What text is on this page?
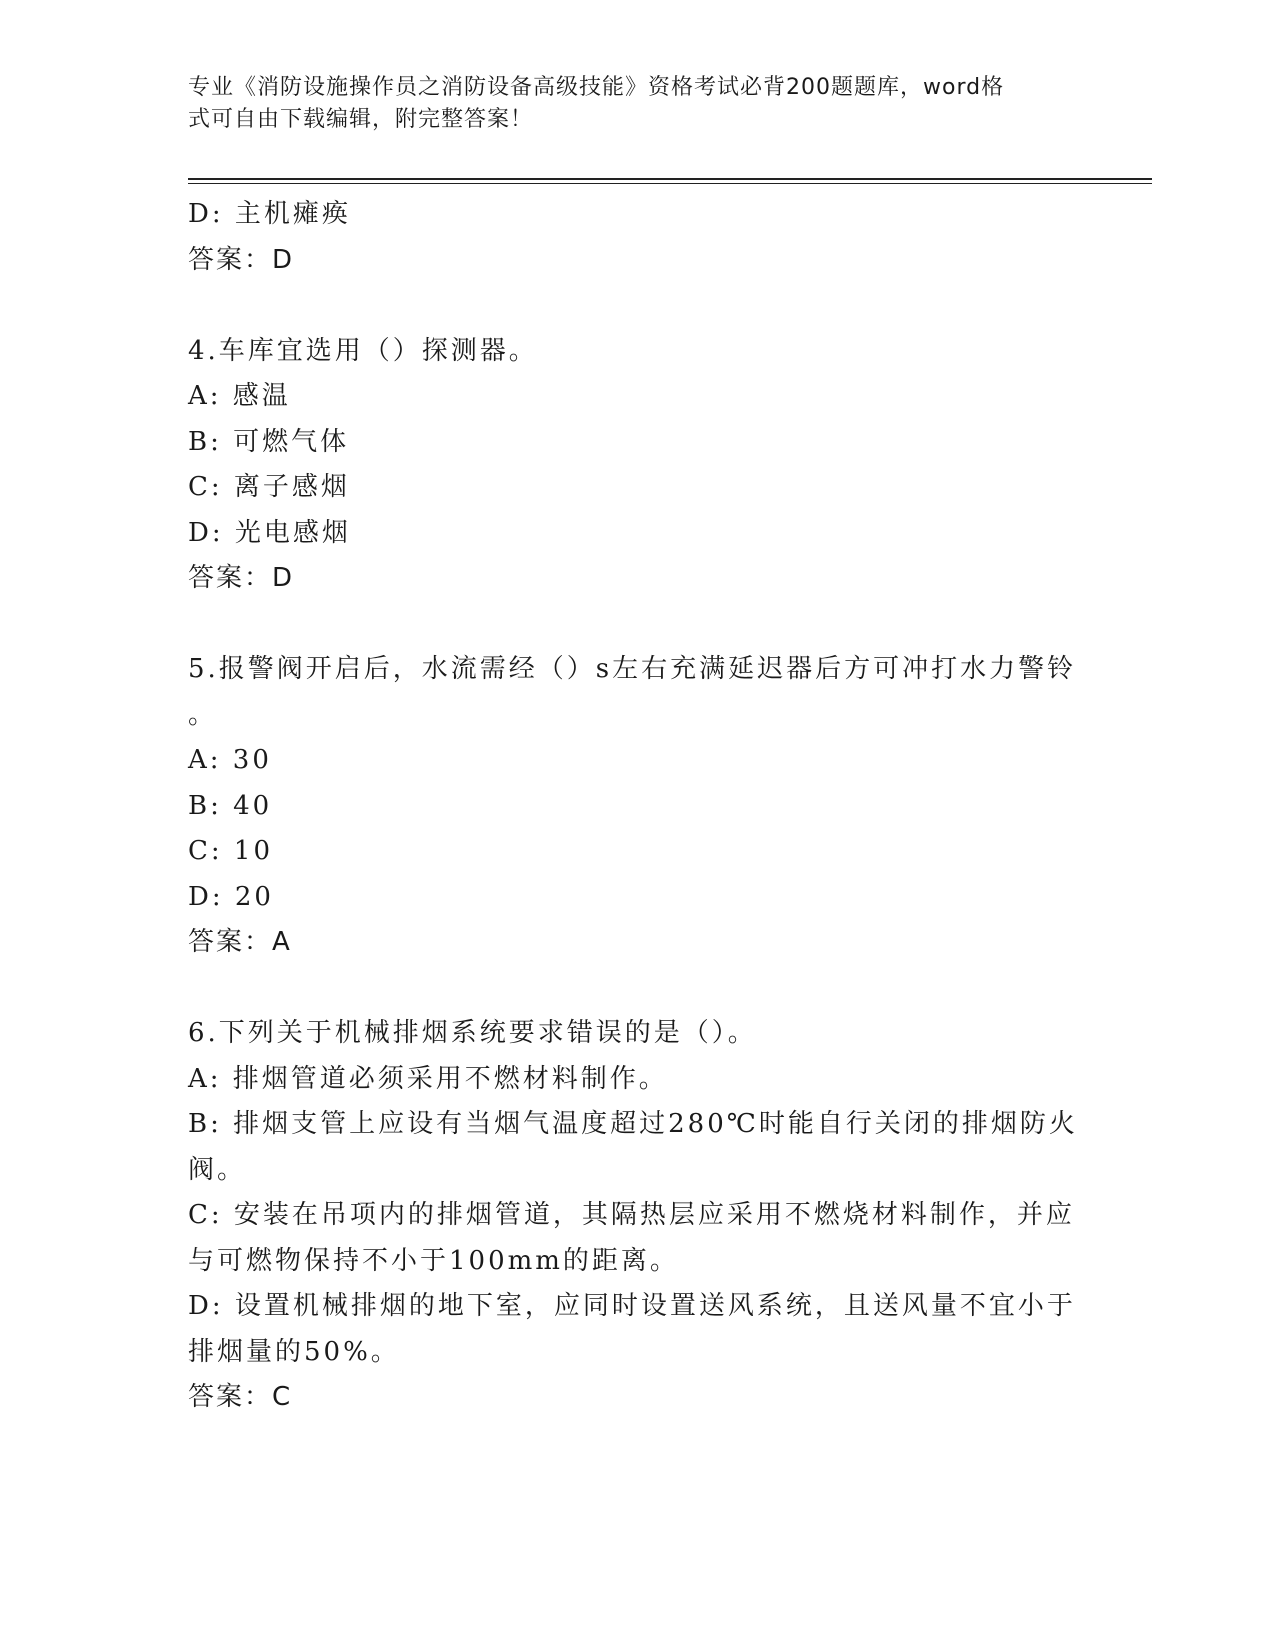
专业《消防设施操作员之消防设备高级技能》资格考试必背200题题库，word格
式可自由下载编辑，附完整答案！
D: 主机瘫痪
答案：D
4.车库宜选用（）探测器。
A: 感温
B: 可燃气体
C: 离子感烟
D: 光电感烟
答案：D
5.报警阀开启后，水流需经（）s左右充满延迟器后方可冲打水力警铃
。
A: 30
B: 40
C: 10
D: 20
答案：A
6.下列关于机械排烟系统要求错误的是（）。
A: 排烟管道必须采用不燃材料制作。
B: 排烟支管上应设有当烟气温度超过280℃时能自行关闭的排烟防火
阀。
C: 安装在吊项内的排烟管道，其隔热层应采用不燃烧材料制作，并应
与可燃物保持不小于100mm的距离。
D: 设置机械排烟的地下室，应同时设置送风系统，且送风量不宜小于
排烟量的50%。
答案：C
